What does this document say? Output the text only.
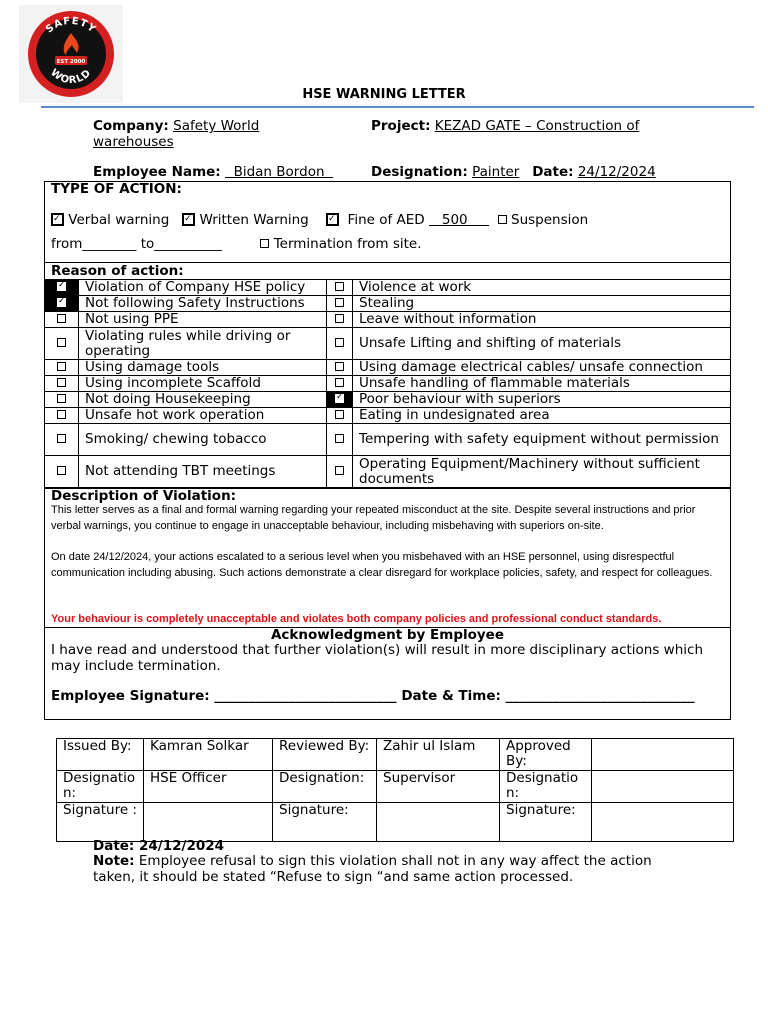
SAFETY
WORLD
EST 2000
HSE WARNING LETTER
Company: Safety World
warehouses
Project: KEZAD GATE – Construction of
Employee Name:   Bidan Bordon	Designation: Painter Date: 24/12/2024
TYPE OF ACTION:
✓ Verbal warning ✓ Written Warning ✓ Fine of AED 500	Suspension
from________ to__________	Termination from site.
Reason of action:
✓	Violation of Company HSE policy		Violence at work
✓	Not following Safety Instructions		Stealing
	Not using PPE		Leave without information
	Violating rules while driving or operating		Unsafe Lifting and shifting of materials
	Using damage tools		Using damage electrical cables/ unsafe connection
	Using incomplete Scaffold		Unsafe handling of flammable materials
	Not doing Housekeeping	✓	Poor behaviour with superiors
	Unsafe hot work operation		Eating in undesignated area
	Smoking/ chewing tobacco		Tempering with safety equipment without permission
	Not attending TBT meetings		Operating Equipment/Machinery without sufficient documents
Description of Violation:
This letter serves as a final and formal warning regarding your repeated misconduct at the site. Despite several instructions and prior verbal warnings, you continue to engage in unacceptable behaviour, including misbehaving with superiors on-site.
On date 24/12/2024, your actions escalated to a serious level when you misbehaved with an HSE personnel, using disrespectful communication including abusing. Such actions demonstrate a clear disregard for workplace policies, safety, and respect for colleagues.
Your behaviour is completely unacceptable and violates both company policies and professional conduct standards.
Acknowledgment by Employee
I have read and understood that further violation(s) will result in more disciplinary actions which may include termination.
Employee Signature: ___________________________ Date & Time: ____________________________
Issued By:	Kamran Solkar	Reviewed By:	Zahir ul Islam	Approved By:	
Designation:	HSE Officer	Designation:	Supervisor	Designation:	
Signature :		Signature:		Signature:	
Date: 24/12/2024
Note: Employee refusal to sign this violation shall not in any way affect the action taken, it should be stated “Refuse to sign “and same action processed.
